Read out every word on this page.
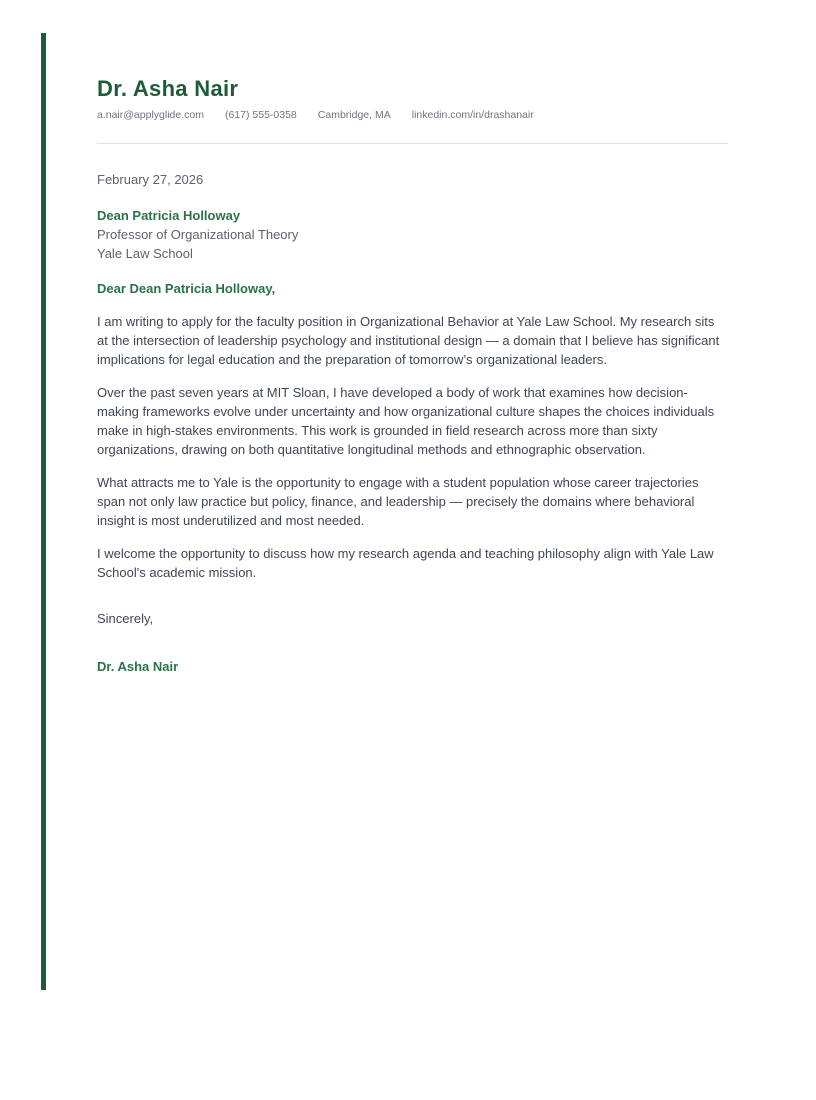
Dr. Asha Nair
a.nair@applyglide.com (617) 555-0358 Cambridge, MA linkedin.com/in/drashanair

February 27, 2026

Dean Patricia Holloway

Professor of Organizational Theory

Yale Law School

Dear Dean Patricia Holloway,

I am writing to apply for the faculty position in Organizational Behavior at Yale Law School. My research sits at the intersection of leadership psychology and institutional design — a domain that I believe has significant implications for legal education and the preparation of tomorrow’s organizational leaders.

Over the past seven years at MIT Sloan, I have developed a body of work that examines how decision-making frameworks evolve under uncertainty and how organizational culture shapes the choices individuals make in high-stakes environments. This work is grounded in field research across more than sixty organizations, drawing on both quantitative longitudinal methods and ethnographic observation.

What attracts me to Yale is the opportunity to engage with a student population whose career trajectories span not only law practice but policy, finance, and leadership — precisely the domains where behavioral insight is most underutilized and most needed.

I welcome the opportunity to discuss how my research agenda and teaching philosophy align with Yale Law School's academic mission.

Sincerely,

Dr. Asha Nair
